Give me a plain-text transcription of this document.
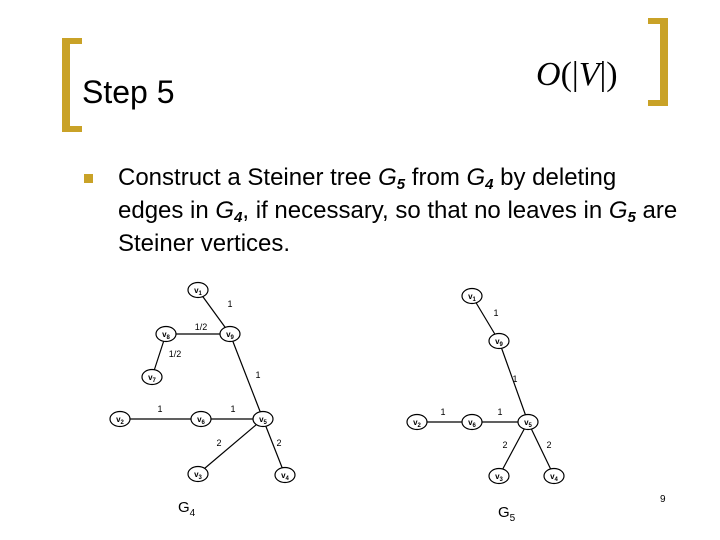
Step 5	O(|V|)
Construct a Steiner tree G5 from G4 by deleting edges in G4, if necessary, so that no leaves in G5 are Steiner vertices.
1
1/2
1/2
1
1	1
2	2
$v_1$
$v_9$
$v_8$
$v_7$
$v_2$	$v_6$	$v_5$
$v_3$	$v_4$
$G_4$
1
1
1	1
2	2
$v_1$
$v_9$
$v_2$	$v_6$	$v_5$
$v_3$	$v_4$
$G_5$
9
